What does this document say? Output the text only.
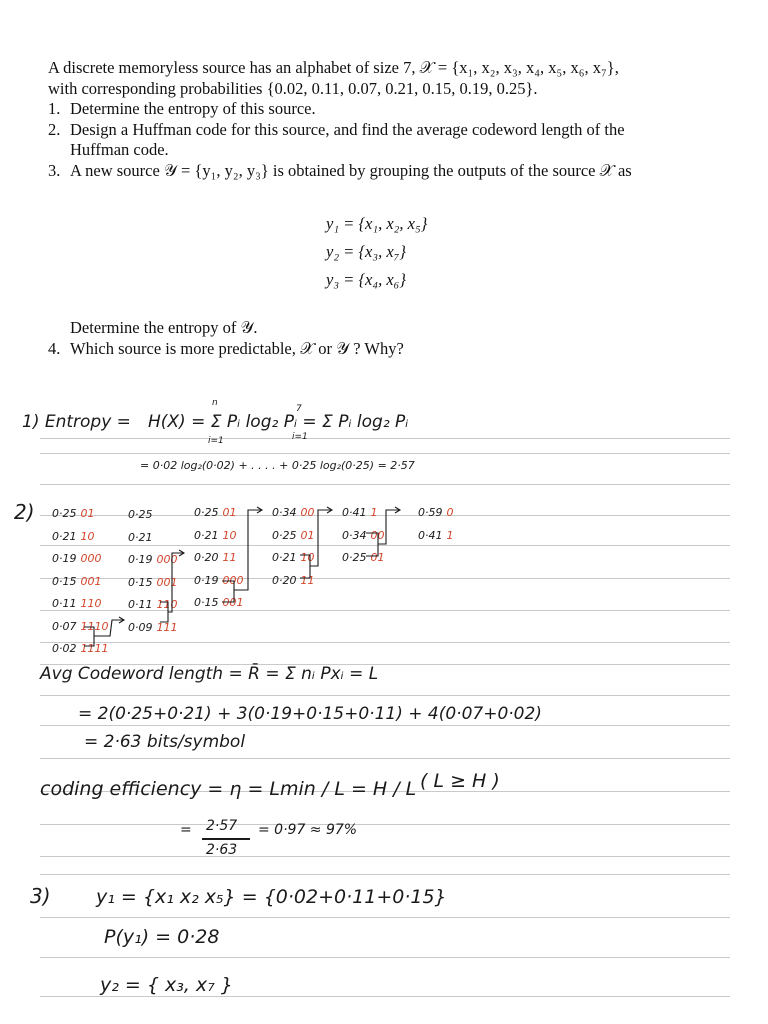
A discrete memoryless source has an alphabet of size 7, 𝒳 = {x₁, x₂, x₃, x₄, x₅, x₆, x₇},
with corresponding probabilities {0.02, 0.11, 0.07, 0.21, 0.15, 0.19, 0.25}.
1. Determine the entropy of this source.
2. Design a Huffman code for this source, and find the average codeword length of the
Huffman code.
3. A new source 𝒴 = {y₁, y₂, y₃} is obtained by grouping the outputs of the source 𝒳 as
y₁ = {x₁, x₂, x₅}
y₂ = {x₃, x₇}
y₃ = {x₄, x₆}
Determine the entropy of 𝒴.
4. Which source is more predictable, 𝒳 or 𝒴 ? Why?
1) Entropy = H(X) = Σ Pᵢ log₂ Pᵢ = Σ Pᵢ log₂ Pᵢ
n
i=1
7
i=1
= 0·02 log₂(0·02) + . . . . + 0·25 log₂(0·25) = 2·57
2) 0·25 01
0·21 10
0·19 000
0·15 001
0·11 110
0·07 1110
0·02 1111
0·25
0·21
0·19 000
0·15 001
0·11 110
0·09 111
0·25 01
0·21 10
0·20 11
0·19 000
0·15 001
0·34 00
0·25 01
0·21 10
0·20 11
0·41 1
0·34 00
0·25 01
0·59 0
0·41 1
Avg Codeword length = R̄ = Σ nᵢ Pxᵢ = L
= 2(0·25+0·21) + 3(0·19+0·15+0·11) + 4(0·07+0·02)
= 2·63 bits/symbol
coding efficiency = η = Lmin / L = H / L ( L ≥ H )
= 2·57
2·63
= 0·97 ≈ 97%
3) y₁ = {x₁ x₂ x₅} = {0·02+0·11+0·15}
P(y₁) = 0·28
y₂ = { x₃, x₇ }
